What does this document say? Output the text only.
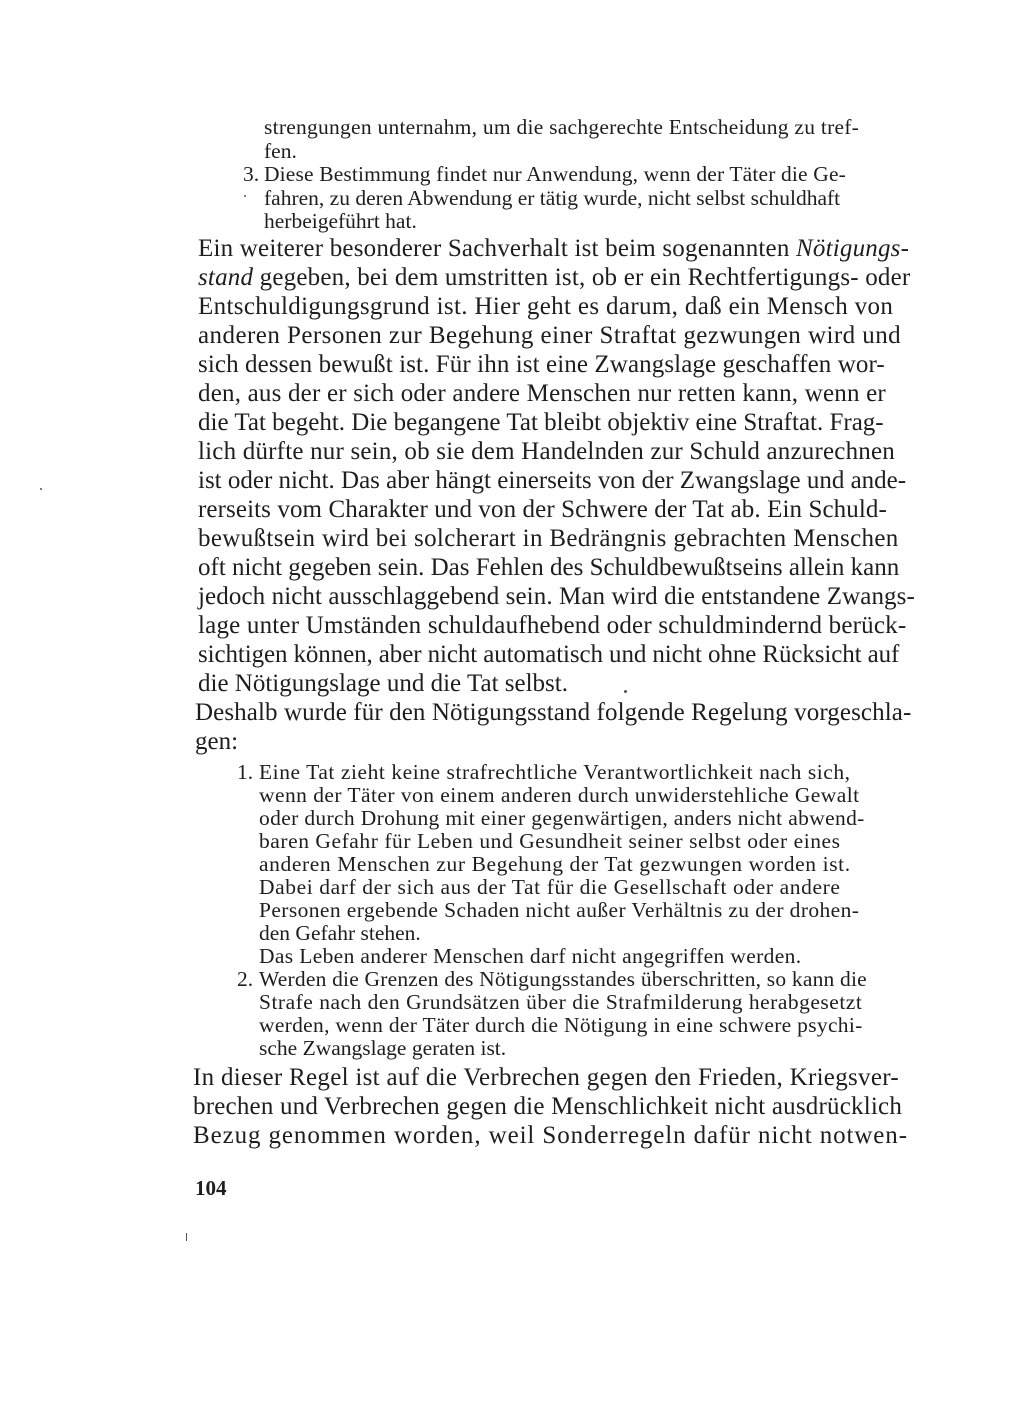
strengungen unternahm, um die sachgerechte Entscheidung zu tref-
fen.
3. Diese Bestimmung findet nur Anwendung, wenn der Täter die Ge-
fahren, zu deren Abwendung er tätig wurde, nicht selbst schuldhaft
herbeigeführt hat.
Ein weiterer besonderer Sachverhalt ist beim sogenannten Nötigungs-
stand gegeben, bei dem umstritten ist, ob er ein Rechtfertigungs- oder
Entschuldigungsgrund ist. Hier geht es darum, daß ein Mensch von
anderen Personen zur Begehung einer Straftat gezwungen wird und
sich dessen bewußt ist. Für ihn ist eine Zwangslage geschaffen wor-
den, aus der er sich oder andere Menschen nur retten kann, wenn er
die Tat begeht. Die begangene Tat bleibt objektiv eine Straftat. Frag-
lich dürfte nur sein, ob sie dem Handelnden zur Schuld anzurechnen
ist oder nicht. Das aber hängt einerseits von der Zwangslage und ande-
rerseits vom Charakter und von der Schwere der Tat ab. Ein Schuld-
bewußtsein wird bei solcherart in Bedrängnis gebrachten Menschen
oft nicht gegeben sein. Das Fehlen des Schuldbewußtseins allein kann
jedoch nicht ausschlaggebend sein. Man wird die entstandene Zwangs-
lage unter Umständen schuldaufhebend oder schuldmindernd berück-
sichtigen können, aber nicht automatisch und nicht ohne Rücksicht auf
die Nötigungslage und die Tat selbst.
Deshalb wurde für den Nötigungsstand folgende Regelung vorgeschla-
gen:
1. Eine Tat zieht keine strafrechtliche Verantwortlichkeit nach sich,
wenn der Täter von einem anderen durch unwiderstehliche Gewalt
oder durch Drohung mit einer gegenwärtigen, anders nicht abwend-
baren Gefahr für Leben und Gesundheit seiner selbst oder eines
anderen Menschen zur Begehung der Tat gezwungen worden ist.
Dabei darf der sich aus der Tat für die Gesellschaft oder andere
Personen ergebende Schaden nicht außer Verhältnis zu der drohen-
den Gefahr stehen.
Das Leben anderer Menschen darf nicht angegriffen werden.
2. Werden die Grenzen des Nötigungsstandes überschritten, so kann die
Strafe nach den Grundsätzen über die Strafmilderung herabgesetzt
werden, wenn der Täter durch die Nötigung in eine schwere psychi-
sche Zwangslage geraten ist.
In dieser Regel ist auf die Verbrechen gegen den Frieden, Kriegsver-
brechen und Verbrechen gegen die Menschlichkeit nicht ausdrücklich
Bezug genommen worden, weil Sonderregeln dafür nicht notwen-
104
